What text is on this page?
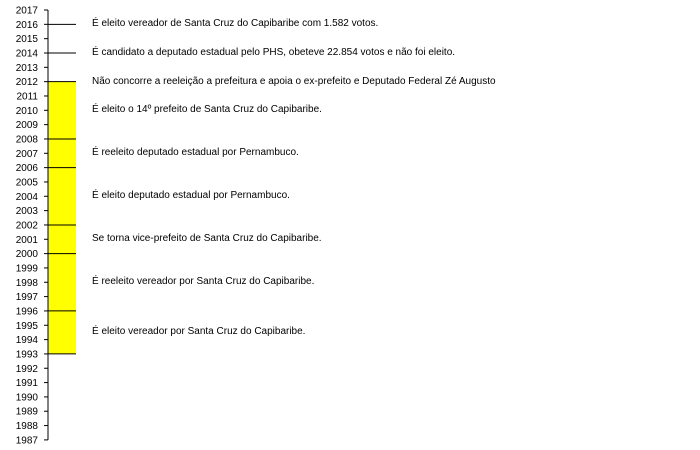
1987
1988
1989
1990
1991
1992
1993
1994
1995
1996
1997
1998
1999
2000
2001
2002
2003
2004
2005
2006
2007
2008
2009
2010
2011
2012
2013
2014
2015
2016
2017
É eleito vereador de Santa Cruz do Capibaribe com 1.582 votos.
É candidato a deputado estadual pelo PHS, obeteve 22.854 votos e não foi eleito.
Não concorre a reeleição a prefeitura e apoia o ex-prefeito e Deputado Federal Zé Augusto
É eleito o 14º prefeito de Santa Cruz do Capibaribe.
É reeleito deputado estadual por Pernambuco.
É eleito deputado estadual por Pernambuco.
Se torna vice-prefeito de Santa Cruz do Capibaribe.
É reeleito vereador por Santa Cruz do Capibaribe.
É eleito vereador por Santa Cruz do Capibaribe.
